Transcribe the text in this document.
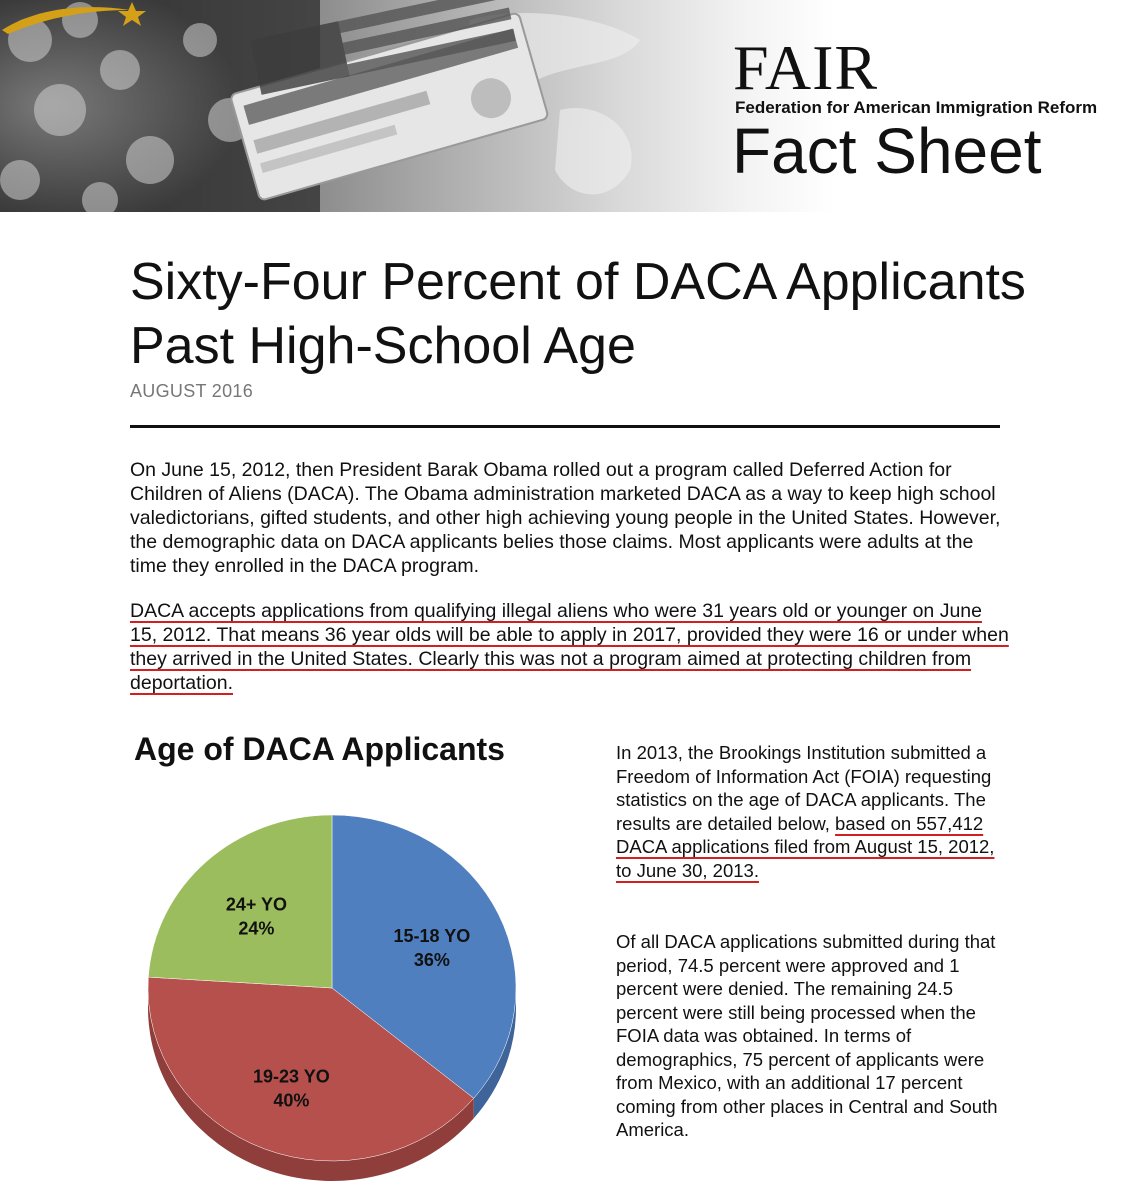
FAIR
Federation for American Immigration Reform
Fact Sheet
Sixty-Four Percent of DACA Applicants Past High-School Age
AUGUST 2016

On June 15, 2012, then President Barak Obama rolled out a program called Deferred Action for Children of Aliens (DACA). The Obama administration marketed DACA as a way to keep high school valedictorians, gifted students, and other high achieving young people in the United States. However, the demographic data on DACA applicants belies those claims. Most applicants were adults at the time they enrolled in the DACA program.

DACA accepts applications from qualifying illegal aliens who were 31 years old or younger on June 15, 2012. That means 36 year olds will be able to apply in 2017, provided they were 16 or under when they arrived in the United States. Clearly this was not a program aimed at protecting children from deportation.

Age of DACA Applicants
15-18 YO
36%
19-23 YO
40%
24+ YO
24%

In 2013, the Brookings Institution submitted a Freedom of Information Act (FOIA) requesting statistics on the age of DACA applicants. The results are detailed below, based on 557,412 DACA applications filed from August 15, 2012, to June 30, 2013.

Of all DACA applications submitted during that period, 74.5 percent were approved and 1 percent were denied. The remaining 24.5 percent were still being processed when the FOIA data was obtained. In terms of demographics, 75 percent of applicants were from Mexico, with an additional 17 percent coming from other places in Central and South America.
